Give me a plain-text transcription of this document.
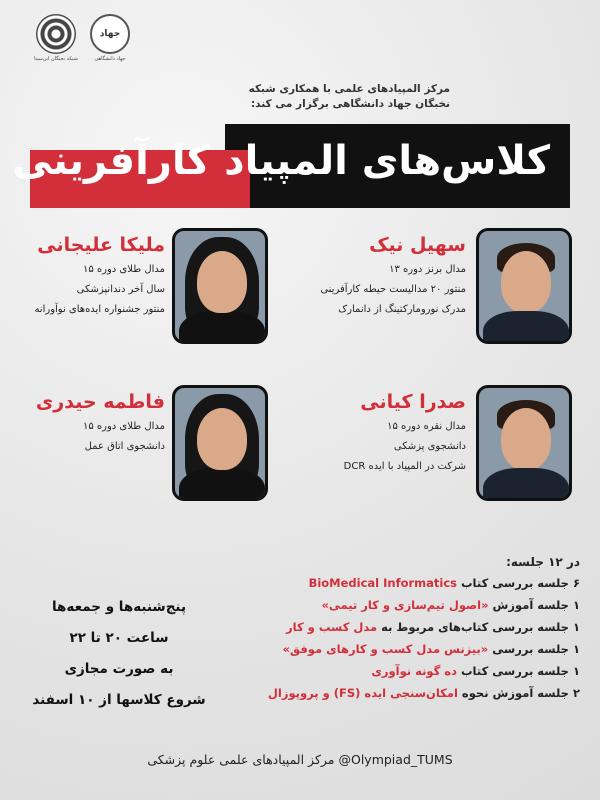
جهاد
جهاد دانشگاهی
شبکه نخبگان ابن‌سینا
مرکز المپیادهای علمی با همکاری شبکه
نخبگان جهاد دانشگاهی برگزار می کند:
کلاس‌های المپیاد کارآفرینی
سهیل نیک
مدال برنز دوره ۱۳
منتور ۲۰ مدالیست حیطه کارآفرینی
مدرک نورومارکتینگ از دانمارک
ملیکا علیجانی
مدال طلای دوره ۱۵
سال آخر دندانپزشکی
منتور جشنواره ایده‌های نوآورانه
صدرا کیانی
مدال نقره دوره ۱۵
دانشجوی پزشکی
شرکت در المپیاد با ایده DCR
فاطمه حیدری
مدال طلای دوره ۱۵
دانشجوی اتاق عمل
در ۱۲ جلسه:
۶ جلسه بررسی کتاب BioMedical Informatics
۱ جلسه آموزش «اصول تیم‌سازی و کار تیمی»
۱ جلسه بررسی کتاب‌های مربوط به مدل کسب و کار
۱ جلسه بررسی «بیزنس مدل کسب و کارهای موفق»
۱ جلسه بررسی کتاب ده گونه نوآوری
۲ جلسه آموزش نحوه امکان‌سنجی ایده (FS) و پروپوزال
پنج‌شنبه‌ها و جمعه‌ها
ساعت ۲۰ تا ۲۲
به صورت مجازی
شروع کلاسها از ۱۰ اسفند
Olympiad_TUMS@ مرکز المپیادهای علمی علوم پزشکی
